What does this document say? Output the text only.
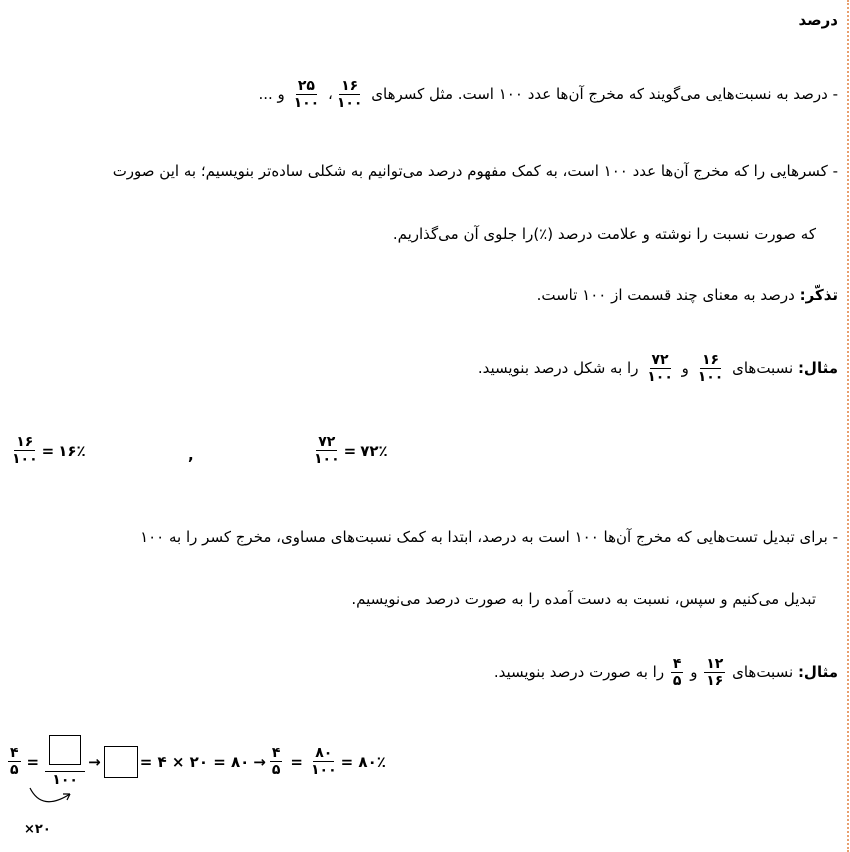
درصد
- درصد به نسبت‌هایی می‌گویند که مخرج آن‌ها عدد ۱۰۰ است. مثل کسرهای
$\frac{۱۶}{۱۰۰}$
،
$\frac{۲۵}{۱۰۰}$
و ...
- کسرهایی را که مخرج آن‌ها عدد ۱۰۰ است، به کمک مفهوم درصد می‌توانیم به شکلی ساده‌تر بنویسیم؛ به این صورت
که صورت نسبت را نوشته و علامت درصد (٪)را جلوی آن می‌گذاریم.
تذکّر: درصد به معنای چند قسمت از ۱۰۰ تاست.
مثال: نسبت‌های
$\frac{۱۶}{۱۰۰}$
و
$\frac{۷۲}{۱۰۰}$
را به شکل درصد بنویسید.
$\frac{۱۶}{۱۰۰}$ = ۱۶٪	,	$\frac{۷۲}{۱۰۰}$ = ۷۲٪
- برای تبدیل تست‌هایی که مخرج آن‌ها ۱۰۰ است به درصد، ابتدا به کمک نسبت‌های مساوی، مخرج کسر را به ۱۰۰
تبدیل می‌کنیم و سپس، نسبت به دست آمده را به صورت درصد می‌نویسیم.
مثال: نسبت‌های
$\frac{۱۲}{۱۶}$
و
$\frac{۴}{۵}$
را به صورت درصد بنویسید.
$\frac{۴}{۵}$ =
۱۰۰
→	= ۴ × ۲۰ = ۸۰ → $\frac{۴}{۵} = \frac{۸۰}{۱۰۰}$ = ۸۰٪
×۲۰
